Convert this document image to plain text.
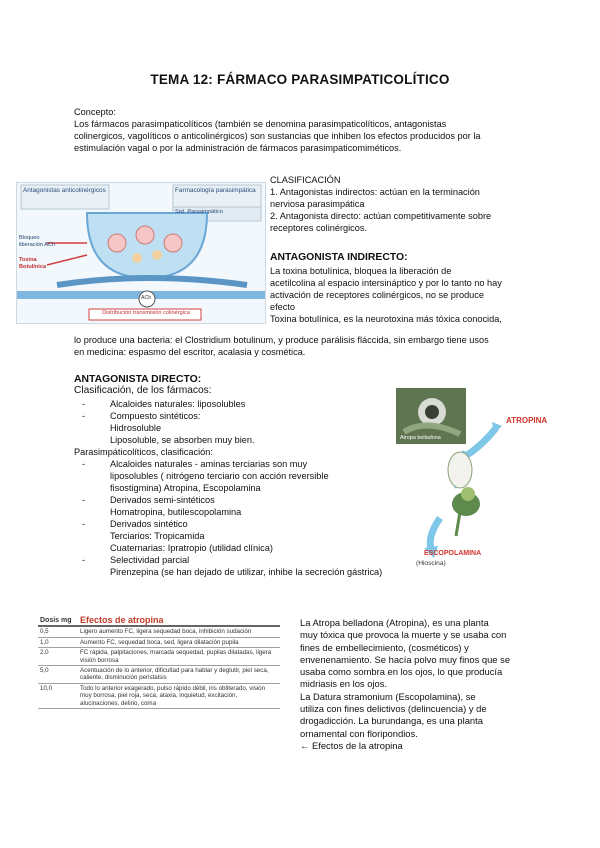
TEMA 12: FÁRMACO PARASIMPATICOLÍTICO
Concepto:
Los fármacos parasimpaticolíticos (también se denomina parasimpaticolíticos, antagonistas
colinergicos, vagolíticos o anticolinérgicos) son sustancias que inhiben los efectos producidos por la
estimulación vagal o por la administración de fármacos parasimpaticomiméticos.
Antagonistas anticolinérgicos	Farmacología parasimpática
Sist. Parasimpático
Bloqueo liberación ACh
Toxina Botulínica
ACh
Distribución transmisión colinérgica
CLASIFICACIÓN
1. Antagonistas indirectos: actúan en la terminación
nerviosa parasimpática
2. Antagonista directo: actúan competitivamente sobre
receptores colinérgicos.
ANTAGONISTA INDIRECTO:
La toxina botulínica, bloquea la liberación de
acetilcolina al espacio intersináptico y por lo tanto no hay
activación de receptores colinérgicos, no se produce
efecto
Toxina botulínica, es la neurotoxina más tóxica conocida,
lo produce una bacteria: el Clostridium botulinum, y produce parálisis fláccida, sin embargo tiene usos
en medicina: espasmo del escritor, acalasia y cosmética.
ANTAGONISTA DIRECTO:
Clasificación, de los fármacos:
-	Alcaloides naturales: liposolubles
-	Compuesto sintéticos:
Hidrosoluble
Liposoluble, se absorben muy bien.
Parasimpáticolíticos, clasificación:
-	Alcaloides naturales - aminas terciarias son muy
liposolubles ( nitrógeno terciario con acción reversible
fisostigmina) Atropina, Escopolamina
-	Derivados semi-sintéticos
Homatropina, butilescopolamina
-	Derivados sintético
Terciarios: Tropicamida
Cuaternarias: Ipratropio (utilidad clínica)
-	Selectividad parcial
Pirenzepina (se han dejado de utilizar, inhibe la secreción gástrica)
ATROPINA
Atropa belladona
ESCOPOLAMINA
(Hioscina)
Dosis mg	Efectos de atropina
0,5	Ligero aumento FC, ligera sequedad boca, inhibición sudación
1,0	Aumento FC, sequedad boca, sed, ligera dilatación pupila
2,0	FC rápida, palpitaciones, marcada sequedad, pupilas dilatadas, ligera visión borrosa
5,0	Acentuación de lo anterior, dificultad para hablar y deglutir, piel seca, caliente, disminución peristalsis
10,0	Todo lo anterior exagerado, pulso rápido débil, iris obliterado, visión muy borrosa, piel roja, seca, ataxia, inquietud, excitación, alucinaciones, delirio, coma
La Atropa belladona (Atropina), es una planta
muy tóxica que provoca la muerte y se usaba con
fines de embellecimiento, (cosméticos) y
envenenamiento. Se hacía polvo muy finos que se
usaba como sombra en los ojos, lo que producía
midriasis en los ojos.
La Datura stramonium (Escopolamina), se
utiliza con fines delictivos (delincuencia) y de
drogadicción. La burundanga, es una planta
ornamental con floripondios.
← Efectos de la atropina
